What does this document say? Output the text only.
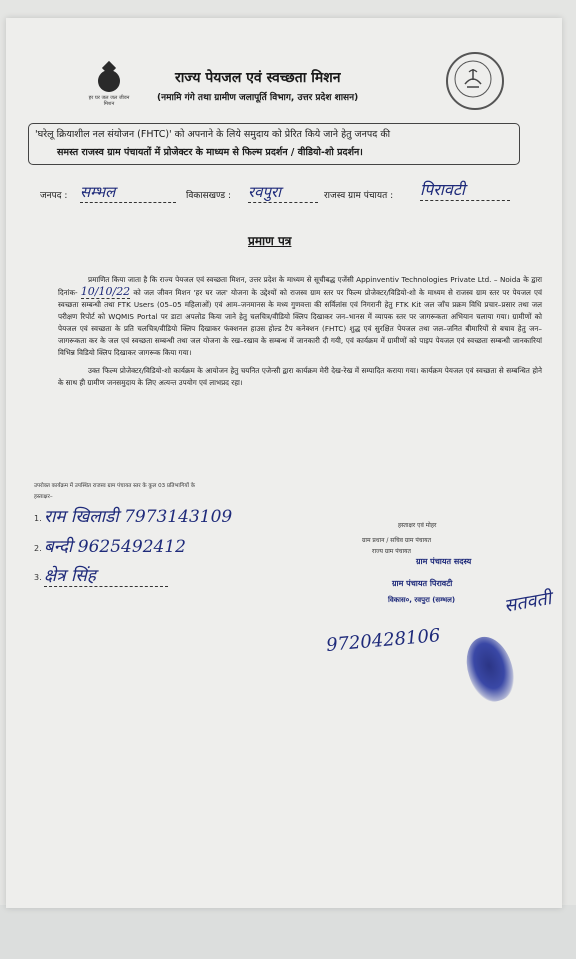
हर घर जल जल जीवन मिशन
राज्य पेयजल एवं स्वच्छता मिशन
(नमामि गंगे तथा ग्रामीण जलापूर्ति विभाग, उत्तर प्रदेश शासन)
'घरेलू क्रियाशील नल संयोजन (FHTC)' को अपनाने के लिये समुदाय को प्रेरित किये जाने हेतु जनपद की
समस्त राजस्व ग्राम पंचायतों में प्रोजेक्टर के माध्यम से फिल्म प्रदर्शन / वीडियो-शो प्रदर्शन।
जनपद : सम्भल	विकासखण्ड : रवपुरा	राजस्व ग्राम पंचायत : पिरावटी
प्रमाण पत्र

प्रमाणित किया जाता है कि राज्य पेयजल एवं स्वच्छता मिशन, उत्तर प्रदेश के माध्यम से सूचीबद्ध एजेंसी Appinventiv Technologies Private Ltd. – Noida के द्वारा दिनांक- 10/10/22 को जल जीवन मिशन 'हर घर जल' योजना के उद्देश्यों को राजस्व ग्राम स्तर पर फिल्म प्रोजेक्टर/विडियो-शो के माध्यम से राजस्व ग्राम स्तर पर पेयजल एवं स्वच्छता सम्बन्धी तथा FTK Users (05–05 महिलाओं) एवं आम–जनमानस के मध्य गुणवत्ता की सर्विलांस एवं निगरानी हेतु FTK Kit जल जाँच प्रक्रम विधि प्रचार–प्रसार तथा जल परीक्षण रिपोर्ट को WQMIS Portal पर डाटा अपलोड किया जाने हेतु चलचित्र/वीडियो क्लिप दिखाकर जन–भानस में व्यापक स्तर पर जागरूकता अभियान चलाया गया। ग्रामीणों को पेयजल एवं स्वच्छता के प्रति चलचित्र/वीडियो क्लिप दिखाकर फंक्शनल हाउस होल्ड टैप कनेक्शन (FHTC) शुद्ध एवं सुरक्षित पेयजल तथा जल–जनित बीमारियों से बचाव हेतु जन–जागरूकता कर के जल एवं स्वच्छता सम्बन्धी तथा जल योजना के रख–रखाव के सम्बन्ध में जानकारी दी गयी, एवं कार्यक्रम में ग्रामीणों को पाइप पेयजल एवं स्वच्छता सम्बन्धी जानकारियां विभिन्न विडियो क्लिप दिखाकर जागरूक किया गया।

उक्त फिल्म प्रोजेक्टर/विडियो-शो कार्यक्रम के आयोजन हेतु चयनित एजेन्सी द्वारा कार्यक्रम मेरी देख-रेख में सम्पादित कराया गया। कार्यक्रम पेयजल एवं स्वच्छता से सम्बन्धित होने के साथ ही ग्रामीण जनसमुदाय के लिए अत्यन्त उपयोग एवं लाभप्रद रहा।

उपरोक्त कार्यक्रम में उपस्थित राजस्व ग्राम पंचायत स्तर के कुल 03 प्रतिभागियों के
हस्ताक्षर–
1. राम खिलाडी 7973143109
2. बन्दी 9625492412
3. क्षेत्र सिंह
हस्ताक्षर एवं मोहर
ग्राम प्रधान / सचिव ग्राम पंचायत
राज्य ग्राम पंचायत
ग्राम पंचायत सदस्य
ग्राम पंचायत पिरावटी
विकास०, रवपुरा (सम्भल)	सतवती
9720428106
